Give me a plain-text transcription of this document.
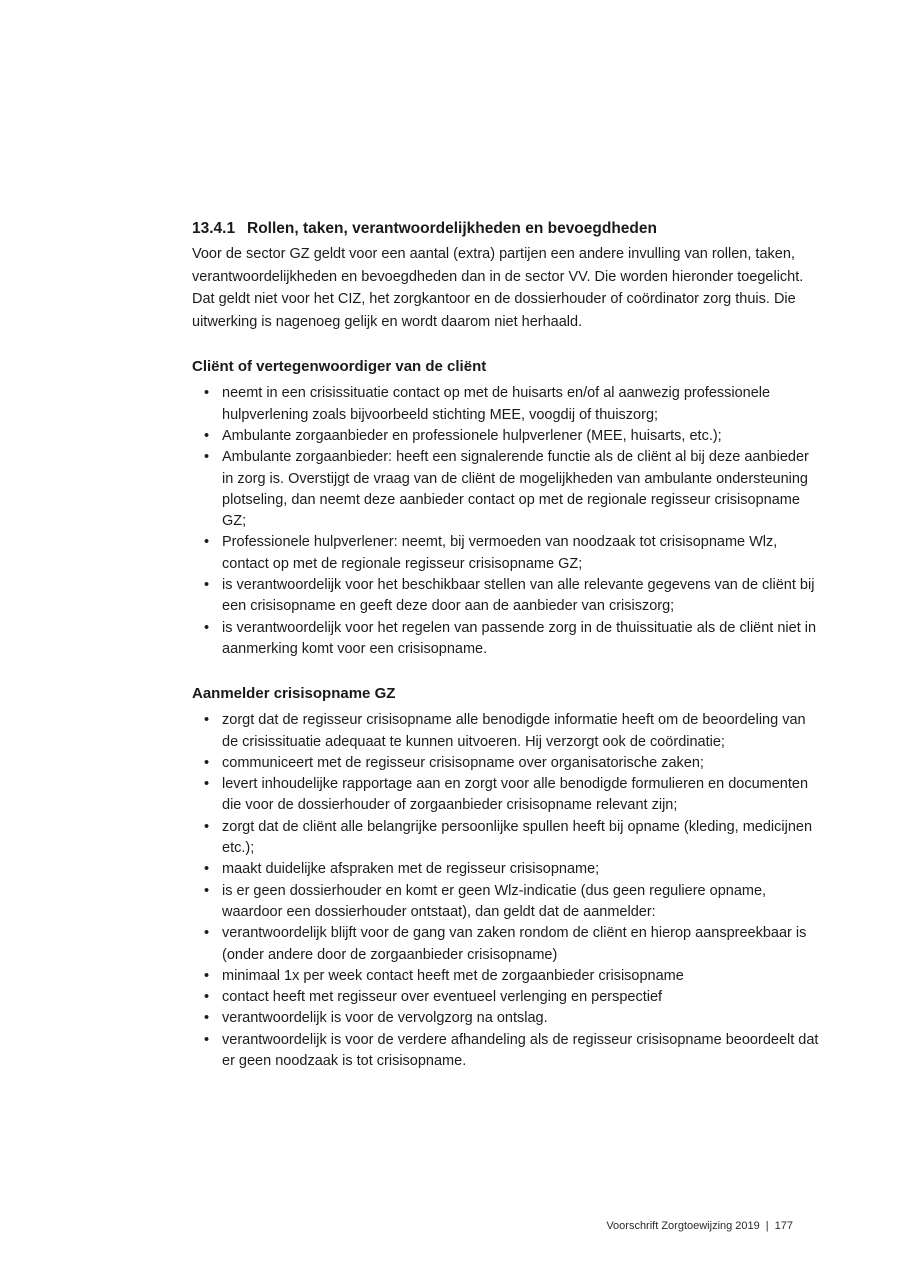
13.4.1 Rollen, taken, verantwoordelijkheden en bevoegdheden

Voor de sector GZ geldt voor een aantal (extra) partijen een andere invulling van rollen, taken, verantwoordelijkheden en bevoegdheden dan in de sector VV. Die worden hieronder toegelicht. Dat geldt niet voor het CIZ, het zorgkantoor en de dossierhouder of coördinator zorg thuis. Die uitwerking is nagenoeg gelijk en wordt daarom niet herhaald.

Cliënt of vertegenwoordiger van de cliënt
• neemt in een crisissituatie contact op met de huisarts en/of al aanwezig professionele hulpverlening zoals bijvoorbeeld stichting MEE, voogdij of thuiszorg;
• Ambulante zorgaanbieder en professionele hulpverlener (MEE, huisarts, etc.);
• Ambulante zorgaanbieder: heeft een signalerende functie als de cliënt al bij deze aanbieder in zorg is. Overstijgt de vraag van de cliënt de mogelijkheden van ambulante ondersteuning plotseling, dan neemt deze aanbieder contact op met de regionale regisseur crisisopname GZ;
• Professionele hulpverlener: neemt, bij vermoeden van noodzaak tot crisisopname Wlz, contact op met de regionale regisseur crisisopname GZ;
• is verantwoordelijk voor het beschikbaar stellen van alle relevante gegevens van de cliënt bij een crisisopname en geeft deze door aan de aanbieder van crisiszorg;
• is verantwoordelijk voor het regelen van passende zorg in de thuissituatie als de cliënt niet in aanmerking komt voor een crisisopname.
Aanmelder crisisopname GZ
• zorgt dat de regisseur crisisopname alle benodigde informatie heeft om de beoordeling van de crisissituatie adequaat te kunnen uitvoeren. Hij verzorgt ook de coördinatie;
• communiceert met de regisseur crisisopname over organisatorische zaken;
• levert inhoudelijke rapportage aan en zorgt voor alle benodigde formulieren en documenten die voor de dossierhouder of zorgaanbieder crisisopname relevant zijn;
• zorgt dat de cliënt alle belangrijke persoonlijke spullen heeft bij opname (kleding, medicijnen etc.);
• maakt duidelijke afspraken met de regisseur crisisopname;
• is er geen dossierhouder en komt er geen Wlz-indicatie (dus geen reguliere opname, waardoor een dossierhouder ontstaat), dan geldt dat de aanmelder:
• verantwoordelijk blijft voor de gang van zaken rondom de cliënt en hierop aanspreekbaar is (onder andere door de zorgaanbieder crisisopname)
• minimaal 1x per week contact heeft met de zorgaanbieder crisisopname
• contact heeft met regisseur over eventueel verlenging en perspectief
• verantwoordelijk is voor de vervolgzorg na ontslag.
• verantwoordelijk is voor de verdere afhandeling als de regisseur crisisopname beoordeelt dat er geen noodzaak is tot crisisopname.
Voorschrift Zorgtoewijzing 2019 | 177
